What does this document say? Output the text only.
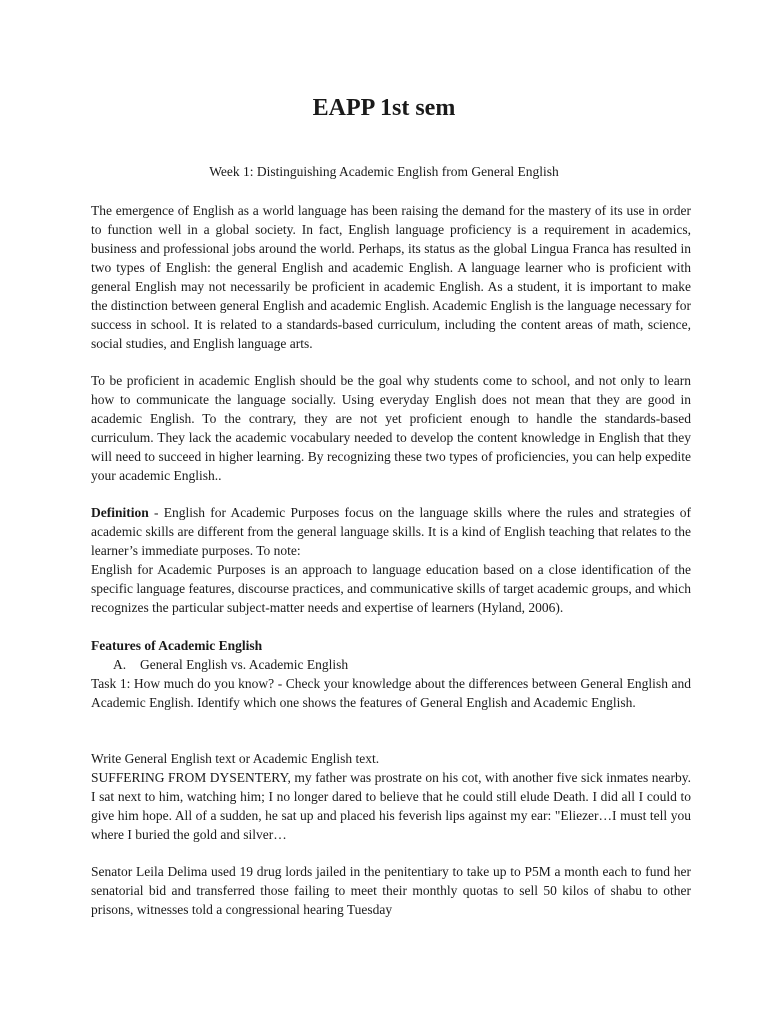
EAPP 1st sem
Week 1: Distinguishing Academic English from General English

The emergence of English as a world language has been raising the demand for the mastery of its use in order to function well in a global society. In fact, English language proficiency is a requirement in academics, business and professional jobs around the world. Perhaps, its status as the global Lingua Franca has resulted in two types of English: the general English and academic English. A language learner who is proficient with general English may not necessarily be proficient in academic English. As a student, it is important to make the distinction between general English and academic English. Academic English is the language necessary for success in school. It is related to a standards-based curriculum, including the content areas of math, science, social studies, and English language arts.

To be proficient in academic English should be the goal why students come to school, and not only to learn how to communicate the language socially. Using everyday English does not mean that they are good in academic English. To the contrary, they are not yet proficient enough to handle the standards-based curriculum. They lack the academic vocabulary needed to develop the content knowledge in English that they will need to succeed in higher learning. By recognizing these two types of proficiencies, you can help expedite your academic English..

Definition - English for Academic Purposes focus on the language skills where the rules and strategies of academic skills are different from the general language skills. It is a kind of English teaching that relates to the learner’s immediate purposes. To note:

English for Academic Purposes is an approach to language education based on a close identification of the specific language features, discourse practices, and communicative skills of target academic groups, and which recognizes the particular subject-matter needs and expertise of learners (Hyland, 2006).

Features of Academic English

A. General English vs. Academic English

Task 1: How much do you know? - Check your knowledge about the differences between General English and Academic English. Identify which one shows the features of General English and Academic English.

Write General English text or Academic English text.

SUFFERING FROM DYSENTERY, my father was prostrate on his cot, with another five sick inmates nearby. I sat next to him, watching him; I no longer dared to believe that he could still elude Death. I did all I could to give him hope. All of a sudden, he sat up and placed his feverish lips against my ear: "Eliezer…I must tell you where I buried the gold and silver…

Senator Leila Delima used 19 drug lords jailed in the penitentiary to take up to P5M a month each to fund her senatorial bid and transferred those failing to meet their monthly quotas to sell 50 kilos of shabu to other prisons, witnesses told a congressional hearing Tuesday
